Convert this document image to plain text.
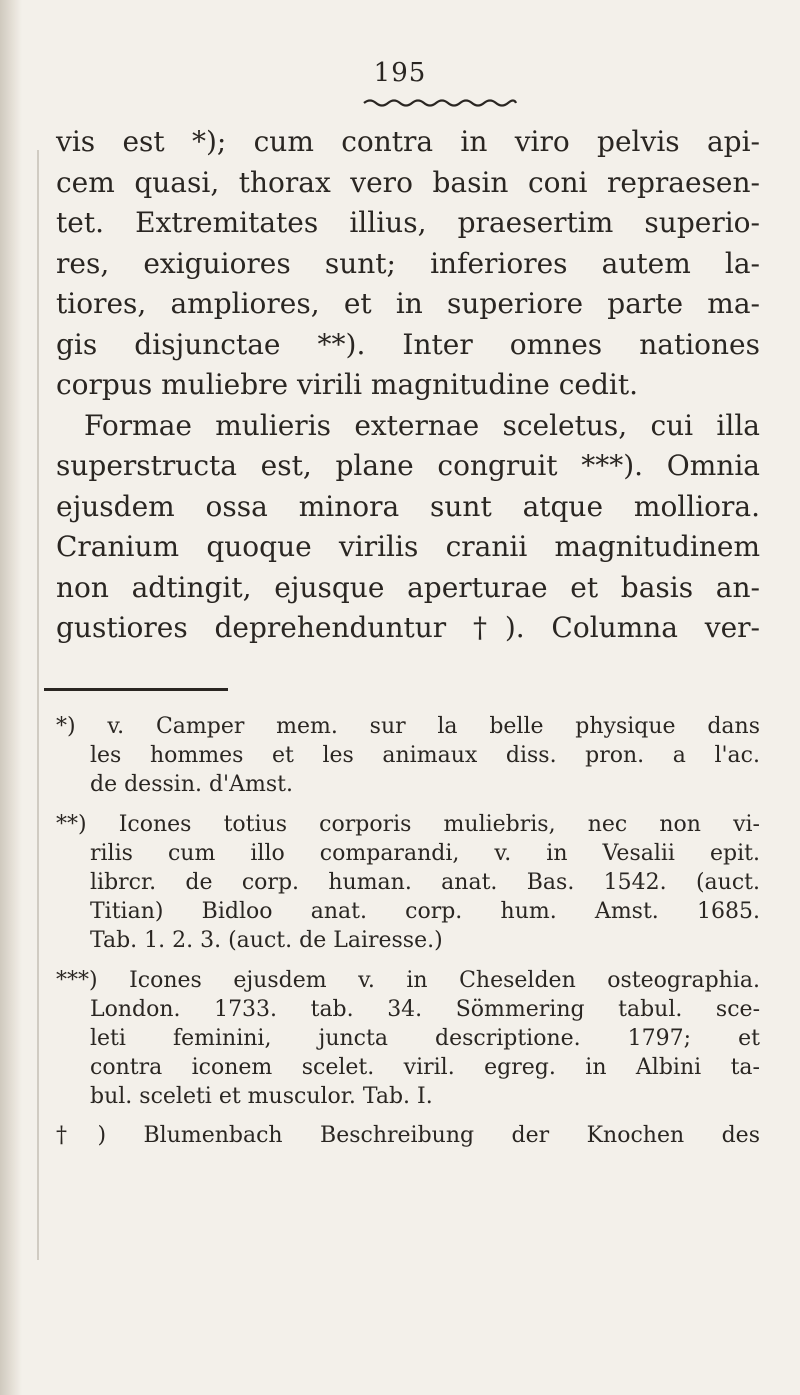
195
vis est *); cum contra in viro pelvis api-
cem quasi, thorax vero basin coni repraesen-
tet. Extremitates illius, praesertim superio-
res, exiguiores sunt; inferiores autem la-
tiores, ampliores, et in superiore parte ma-
gis disjunctae **). Inter omnes nationes
corpus muliebre virili magnitudine cedit.
Formae mulieris externae sceletus, cui illa
superstructa est, plane congruit ***). Omnia
ejusdem ossa minora sunt atque molliora.
Cranium quoque virilis cranii magnitudinem
non adtingit, ejusque aperturae et basis an-
gustiores deprehenduntur †). Columna ver-
*) v. Camper mem. sur la belle physique dans
les hommes et les animaux diss. pron. a l'ac.
de dessin. d'Amst.
**) Icones totius corporis muliebris, nec non vi-
rilis cum illo comparandi, v. in Vesalii epit.
librcr. de corp. human. anat. Bas. 1542. (auct.
Titian) Bidloo anat. corp. hum. Amst. 1685.
Tab. 1. 2. 3. (auct. de Lairesse.)
***) Icones ejusdem v. in Cheselden osteographia.
London. 1733. tab. 34. Sömmering tabul. sce-
leti feminini, juncta descriptione. 1797; et
contra iconem scelet. viril. egreg. in Albini ta-
bul. sceleti et musculor. Tab. I.
†) Blumenbach Beschreibung der Knochen des
